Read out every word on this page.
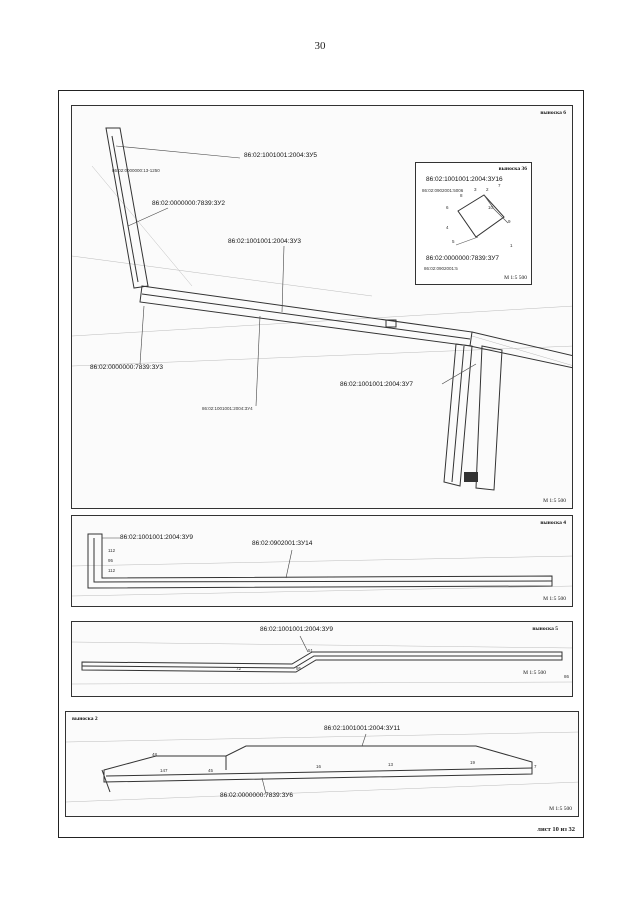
30
выноска 6
86:02:1001001:2004:ЗУ5
86:02:0000000:13-1250
86:02:0000000:7839:ЗУ2
86:02:1001001:2004:ЗУ3
86:02:0000000:7839:ЗУ3
86:02:1001001:2004:ЗУ7
86:02:1001001:2004:ЗУ4
M 1:5 500
выноска 36
86:02:1001001:2004:ЗУ16
86:02:0902001:5006
8
3 2
7
6
4
10
9
5
1
86:02:0000000:7839:ЗУ7
86:02:0902001:5
M 1:5 500
выноска 4
86:02:1001001:2004:ЗУ9
86:02:0902001:ЗУ14
112
95
112
M 1:5 500
выноска 5
86:02:1001001:2004:ЗУ9
72
51
95
86
M 1:5 500
выноска 2
86:02:1001001:2004:ЗУ11
48
147	45
16	13	19
7
86:02:0000000:7839:ЗУ6
M 1:5 500
лист 10 из 32
